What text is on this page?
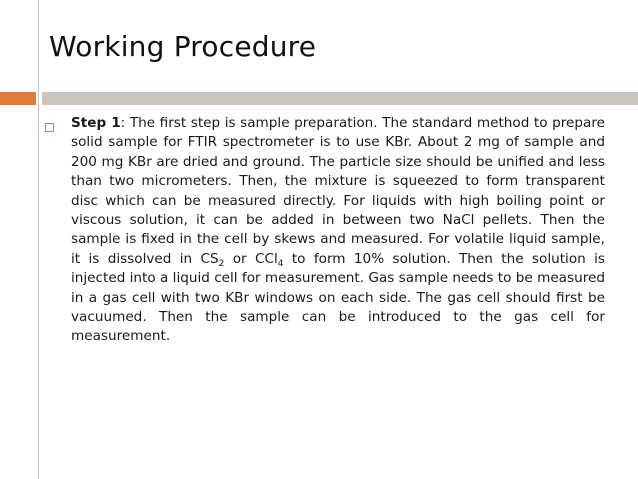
Working Procedure

Step 1: The first step is sample preparation. The standard method to prepare solid sample for FTIR spectrometer is to use KBr. About 2 mg of sample and 200 mg KBr are dried and ground. The particle size should be unified and less than two micrometers. Then, the mixture is squeezed to form transparent disc which can be measured directly. For liquids with high boiling point or viscous solution, it can be added in between two NaCl pellets. Then the sample is fixed in the cell by skews and measured. For volatile liquid sample, it is dissolved in $CS_2$ or CCl$_4$ to form 10% solution. Then the solution is injected into a liquid cell for measurement. Gas sample needs to be measured in a gas cell with two KBr windows on each side. The gas cell should first be vacuumed. Then the sample can be introduced to the gas cell for measurement.
